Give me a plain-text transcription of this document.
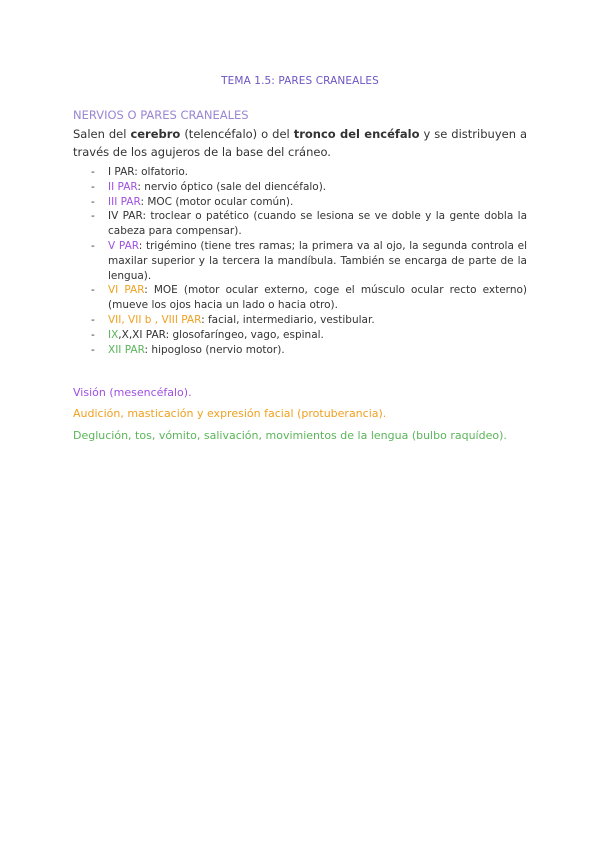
TEMA 1.5: PARES CRANEALES
NERVIOS O PARES CRANEALES

Salen del cerebro (telencéfalo) o del tronco del encéfalo y se distribuyen a través de los agujeros de la base del cráneo.

- I PAR: olfatorio.
- II PAR: nervio óptico (sale del diencéfalo).
- III PAR: MOC (motor ocular común).
- IV PAR: troclear o patético (cuando se lesiona se ve doble y la gente dobla la cabeza para compensar).
- V PAR: trigémino (tiene tres ramas; la primera va al ojo, la segunda controla el maxilar superior y la tercera la mandíbula. También se encarga de parte de la lengua).
- VI PAR: MOE (motor ocular externo, coge el músculo ocular recto externo) (mueve los ojos hacia un lado o hacia otro).
- VII, VII b , VIII PAR: facial, intermediario, vestibular.
- IX,X,XI PAR: glosofaríngeo, vago, espinal.
- XII PAR: hipogloso (nervio motor).
Visión (mesencéfalo).
Audición, masticación y expresión facial (protuberancia).
Deglución, tos, vómito, salivación, movimientos de la lengua (bulbo raquídeo).
